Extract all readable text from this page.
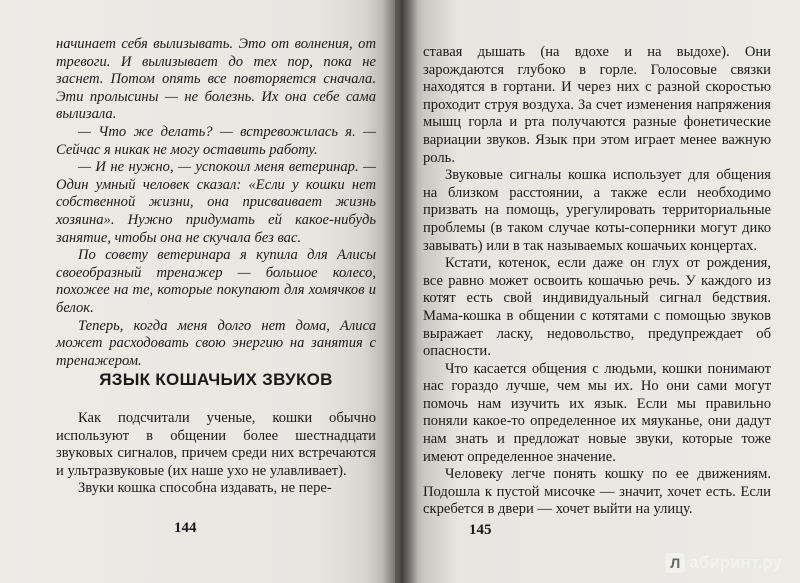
начинает себя вылизывать. Это от волнения, от тревоги. И вылизывает до тех пор, пока не заснет. Потом опять все повторяется сначала. Эти пролысины — не болезнь. Их она себе сама вылизала.

— Что же делать? — встревожилась я. — Сейчас я никак не могу оставить работу.

— И не нужно, — успокоил меня ветеринар. — Один умный человек сказал: «Если у кошки нет собственной жизни, она присваивает жизнь хозяина». Нужно придумать ей какое-нибудь занятие, чтобы она не скучала без вас.

По совету ветеринара я купила для Алисы своеобразный тренажер — большое колесо, похожее на те, которые покупают для хомячков и белок.

Теперь, когда меня долго нет дома, Алиса может расходовать свою энергию на занятия с тренажером.

ЯЗЫК КОШАЧЬИХ ЗВУКОВ

Как подсчитали ученые, кошки обычно используют в общении более шестнадцати звуковых сигналов, причем среди них встречаются и ультразвуковые (их наше ухо не улавливает).

Звуки кошка способна издавать, не пере-

144

ставая дышать (на вдохе и на выдохе). Они зарождаются глубоко в горле. Голосовые связки находятся в гортани. И через них с разной скоростью проходит струя воздуха. За счет изменения напряжения мышц горла и рта получаются разные фонетические вариации звуков. Язык при этом играет менее важную роль.

Звуковые сигналы кошка использует для общения на близком расстоянии, а также если необходимо призвать на помощь, урегулировать территориальные проблемы (в таком случае коты-соперники могут дико завывать) или в так называемых кошачьих концертах.

Кстати, котенок, если даже он глух от рождения, все равно может освоить кошачью речь. У каждого из котят есть свой индивидуальный сигнал бедствия. Мама-кошка в общении с котятами с помощью звуков выражает ласку, недовольство, предупреждает об опасности.

Что касается общения с людьми, кошки понимают нас гораздо лучше, чем мы их. Но они сами могут помочь нам изучить их язык. Если мы правильно поняли какое-то определенное их мяуканье, они дадут нам знать и предложат новые звуки, которые тоже имеют определенное значение.

Человеку легче понять кошку по ее движениям. Подошла к пустой мисочке — значит, хочет есть. Если скребется в двери — хочет выйти на улицу.

145
Л абиринт.ру
